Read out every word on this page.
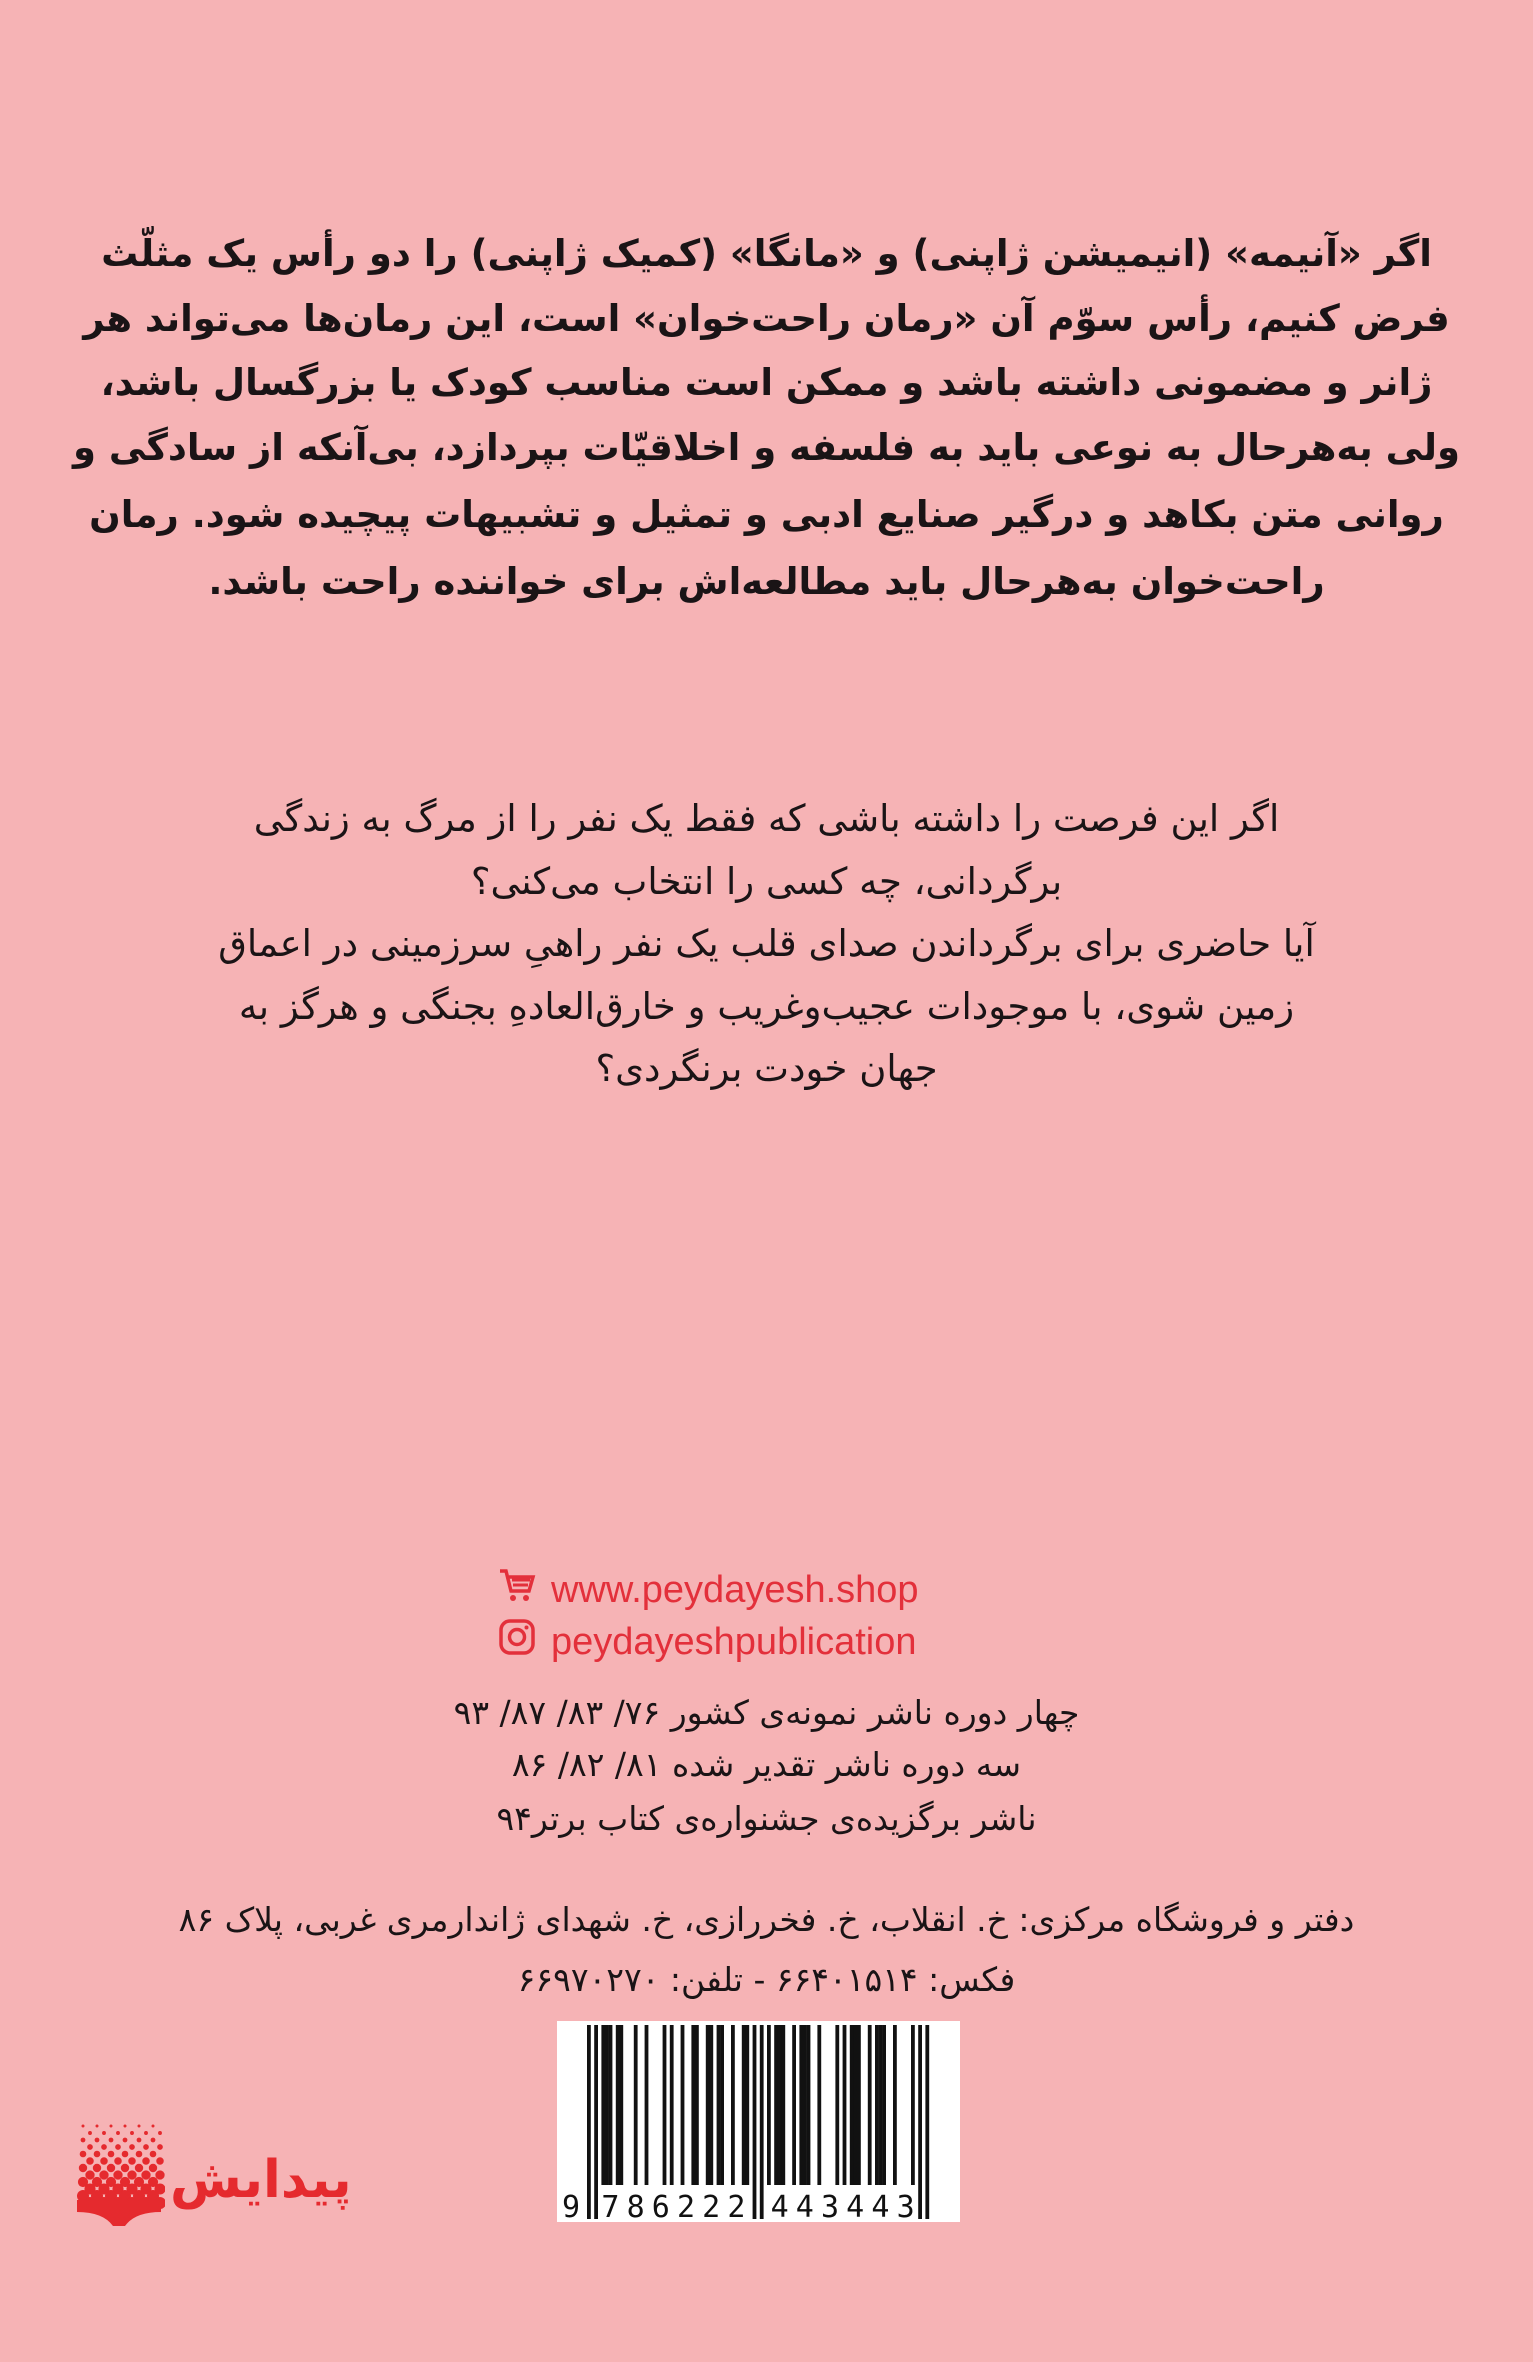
اگر «آنیمه» (انیمیشن ژاپنی) و «مانگا» (کمیک ژاپنی) را دو رأس یک مثلّث
فرض کنیم، رأس سوّم آن «رمان راحت‌خوان» است، این رمان‌ها می‌تواند هر
ژانر و مضمونی داشته باشد و ممکن است مناسب کودک یا بزرگسال باشد،
ولی به‌هرحال به نوعی باید به فلسفه و اخلاقیّات بپردازد، بی‌آنکه از سادگی و
روانی متن بکاهد و درگیر صنایع ادبی و تمثیل و تشبیهات پیچیده شود. رمان
راحت‌خوان به‌هرحال باید مطالعه‌اش برای خواننده راحت باشد.
اگر این فرصت را داشته باشی که فقط یک نفر را از مرگ به زندگی
برگردانی، چه کسی را انتخاب می‌کنی؟
آیا حاضری برای برگرداندن صدای قلب یک نفر راهیِ سرزمینی در اعماق
زمین شوی، با موجودات عجیب‌وغریب و خارق‌العادهِ بجنگی و هرگز به
جهان خودت برنگردی؟
www.peydayesh.shop
peydayeshpublication
چهار دوره ناشر نمونه‌ی کشور ۷۶/ ۸۳/ ۸۷/ ۹۳
سه دوره ناشر تقدیر شده ۸۱/ ۸۲/ ۸۶
ناشر برگزیده‌ی جشنواره‌ی کتاب برتر۹۴
دفتر و فروشگاه مرکزی: خ. انقلاب، خ. فخررازی، خ. شهدای ژاندارمری غربی، پلاک ۸۶
فکس: ۶۶۴۰۱۵۱۴ - تلفن: ۶۶۹۷۰۲۷۰
9 7 8 6 2 2 2 4 4 3 4 4 3
پیدایش
